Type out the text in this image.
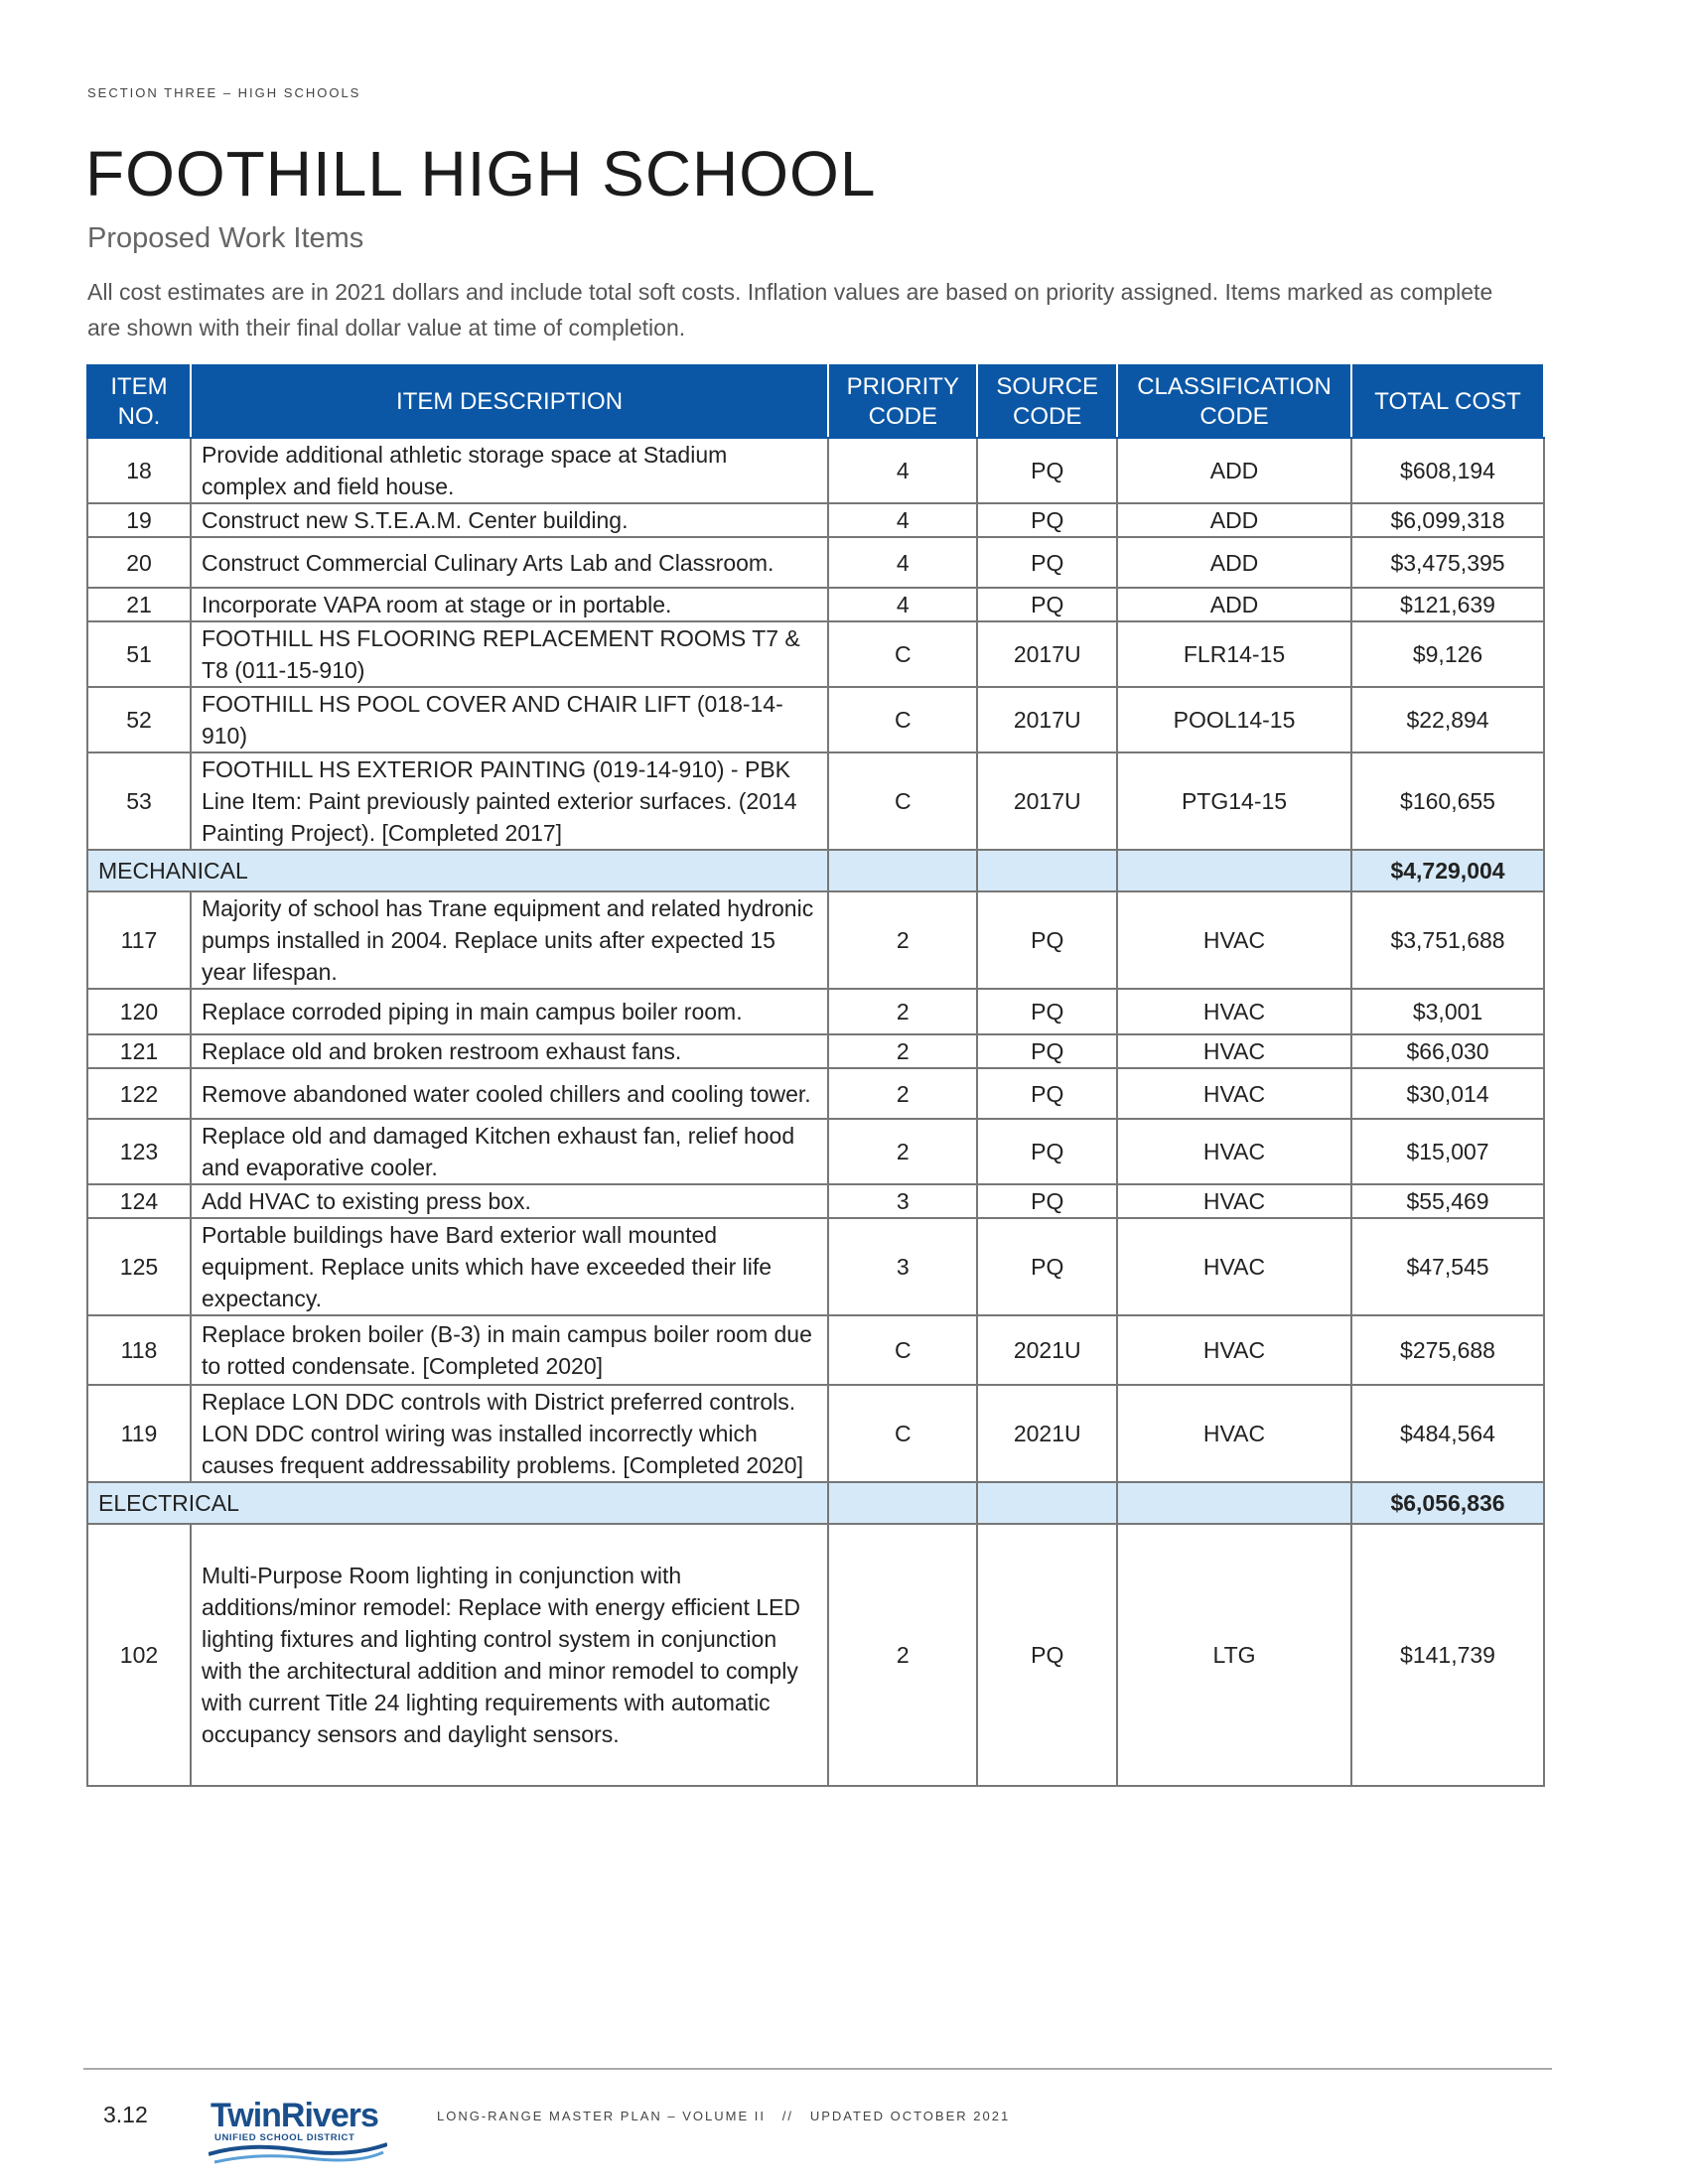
SECTION THREE – HIGH SCHOOLS
FOOTHILL HIGH SCHOOL
Proposed Work Items
All cost estimates are in 2021 dollars and include total soft costs. Inflation values are based on priority assigned. Items marked as complete are shown with their final dollar value at time of completion.
ITEM NO.	ITEM DESCRIPTION	PRIORITY CODE	SOURCE CODE	CLASSIFICATION CODE	TOTAL COST
18	Provide additional athletic storage space at Stadium complex and field house.	4	PQ	ADD	$608,194
19	Construct new S.T.E.A.M. Center building.	4	PQ	ADD	$6,099,318
20	Construct Commercial Culinary Arts Lab and Classroom.	4	PQ	ADD	$3,475,395
21	Incorporate VAPA room at stage or in portable.	4	PQ	ADD	$121,639
51	FOOTHILL HS FLOORING REPLACEMENT ROOMS T7 & T8 (011-15-910)	C	2017U	FLR14-15	$9,126
52	FOOTHILL HS POOL COVER AND CHAIR LIFT (018-14-910)	C	2017U	POOL14-15	$22,894
53	FOOTHILL HS EXTERIOR PAINTING (019-14-910) - PBK Line Item: Paint previously painted exterior surfaces. (2014 Painting Project). [Completed 2017]	C	2017U	PTG14-15	$160,655
MECHANICAL					$4,729,004
117	Majority of school has Trane equipment and related hydronic pumps installed in 2004. Replace units after expected 15 year lifespan.	2	PQ	HVAC	$3,751,688
120	Replace corroded piping in main campus boiler room.	2	PQ	HVAC	$3,001
121	Replace old and broken restroom exhaust fans.	2	PQ	HVAC	$66,030
122	Remove abandoned water cooled chillers and cooling tower.	2	PQ	HVAC	$30,014
123	Replace old and damaged Kitchen exhaust fan, relief hood and evaporative cooler.	2	PQ	HVAC	$15,007
124	Add HVAC to existing press box.	3	PQ	HVAC	$55,469
125	Portable buildings have Bard exterior wall mounted equipment. Replace units which have exceeded their life expectancy.	3	PQ	HVAC	$47,545
118	Replace broken boiler (B-3) in main campus boiler room due to rotted condensate. [Completed 2020]	C	2021U	HVAC	$275,688
119	Replace LON DDC controls with District preferred controls. LON DDC control wiring was installed incorrectly which causes frequent addressability problems. [Completed 2020]	C	2021U	HVAC	$484,564
ELECTRICAL					$6,056,836
102	Multi-Purpose Room lighting in conjunction with additions/minor remodel: Replace with energy efficient LED lighting fixtures and lighting control system in conjunction with the architectural addition and minor remodel to comply with current Title 24 lighting requirements with automatic occupancy sensors and daylight sensors.	2	PQ	LTG	$141,739
3.12 TwinRivers
UNIFIED SCHOOL DISTRICT
LONG-RANGE MASTER PLAN – VOLUME II   //   UPDATED OCTOBER 2021
